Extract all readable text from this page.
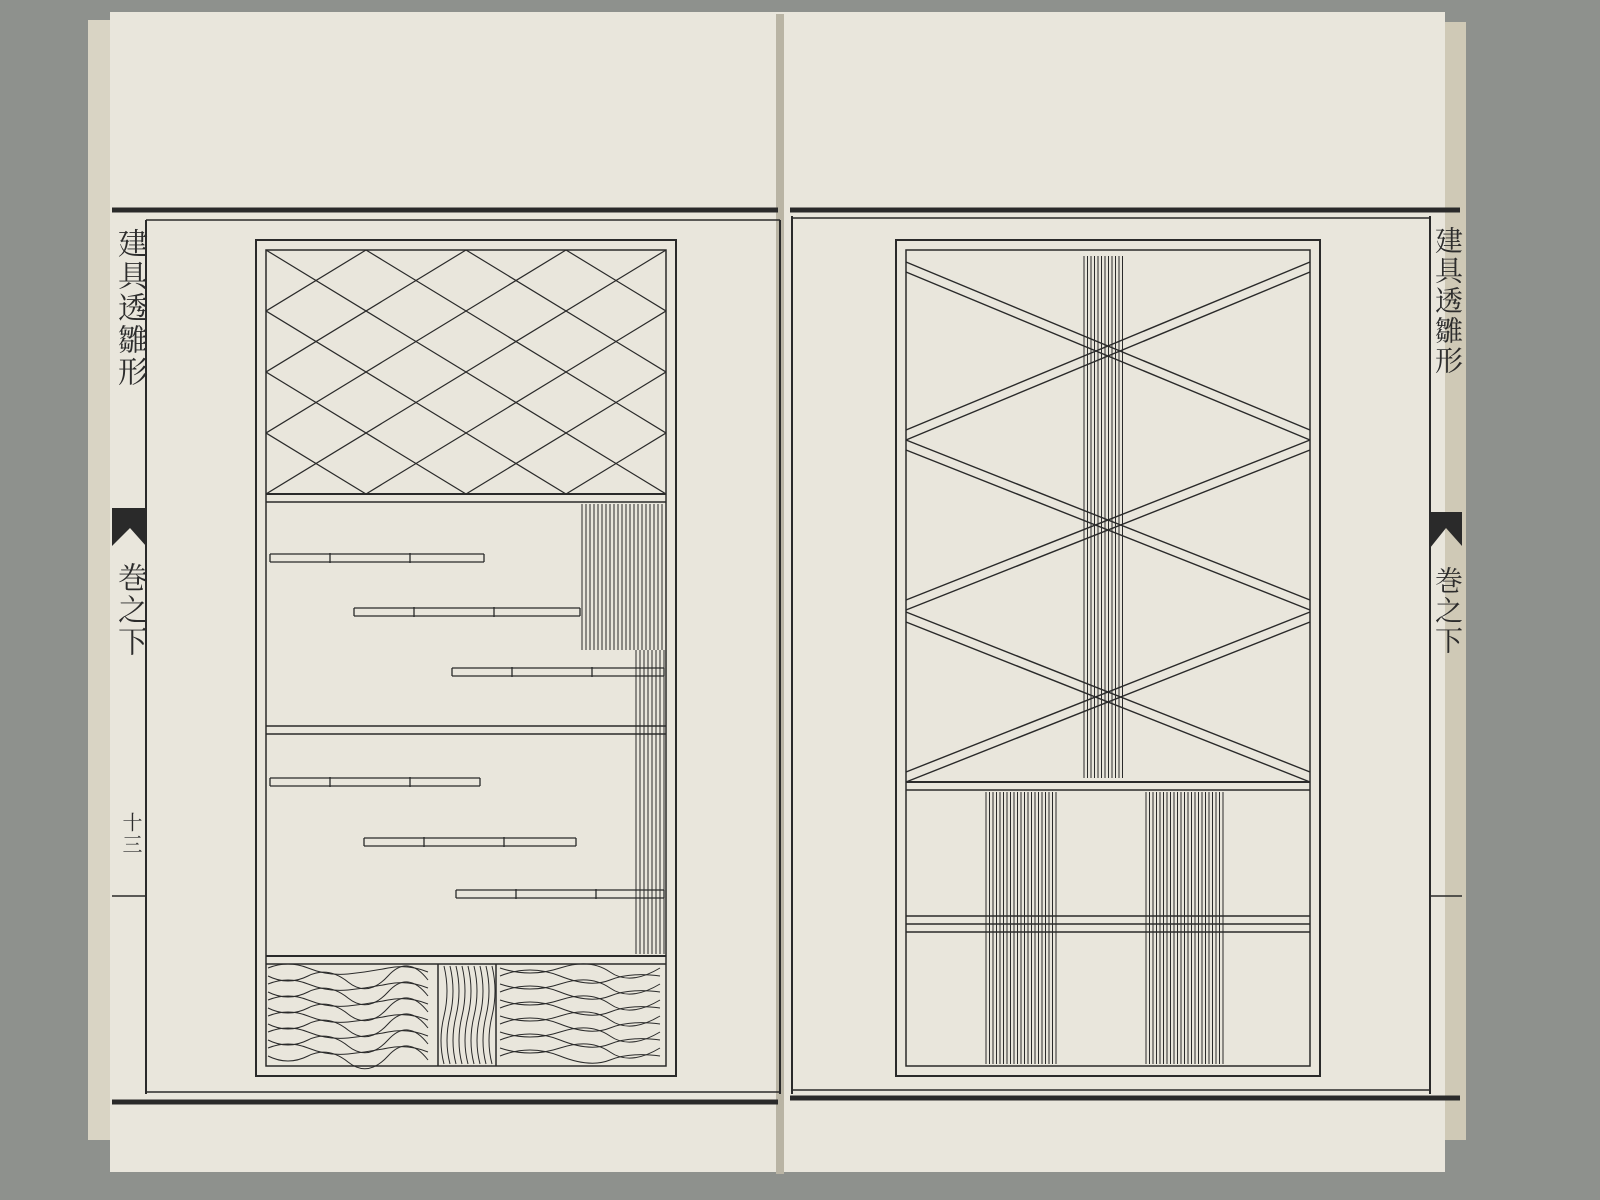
建具透雛形
巻之下
十三
建具透雛形
巻之下
